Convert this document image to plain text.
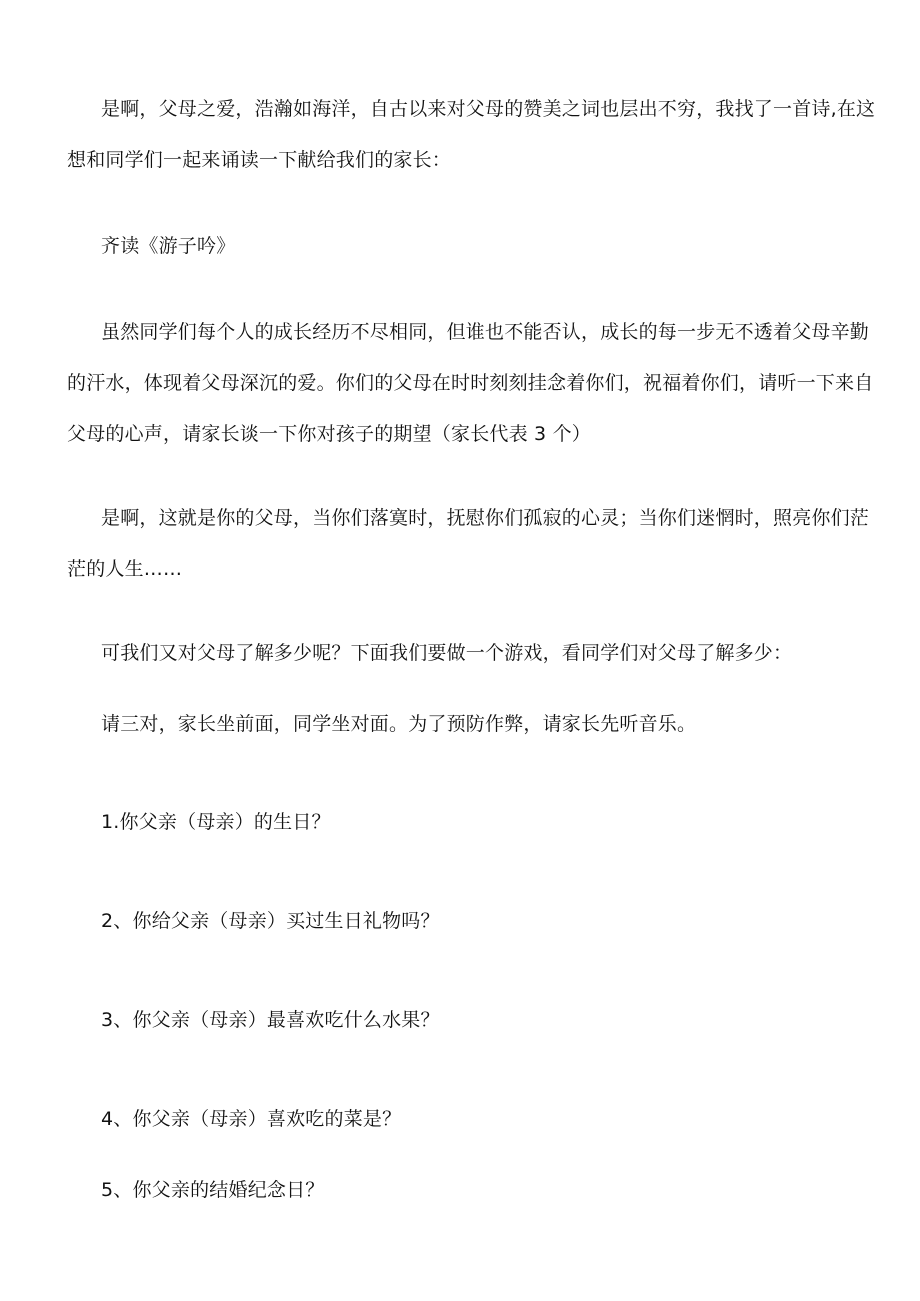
是啊，父母之爱，浩瀚如海洋，自古以来对父母的赞美之词也层出不穷，我找了一首诗,在这
想和同学们一起来诵读一下献给我们的家长：
齐读《游子吟》
虽然同学们每个人的成长经历不尽相同，但谁也不能否认，成长的每一步无不透着父母辛勤
的汗水，体现着父母深沉的爱。你们的父母在时时刻刻挂念着你们，祝福着你们，请听一下来自
父母的心声，请家长谈一下你对孩子的期望（家长代表 3 个）
是啊，这就是你的父母，当你们落寞时，抚慰你们孤寂的心灵；当你们迷惘时，照亮你们茫
茫的人生……
可我们又对父母了解多少呢？下面我们要做一个游戏，看同学们对父母了解多少：
请三对，家长坐前面，同学坐对面。为了预防作弊，请家长先听音乐。
1.你父亲（母亲）的生日？
2、你给父亲（母亲）买过生日礼物吗？
3、你父亲（母亲）最喜欢吃什么水果？
4、你父亲（母亲）喜欢吃的菜是？
5、你父亲的结婚纪念日？
